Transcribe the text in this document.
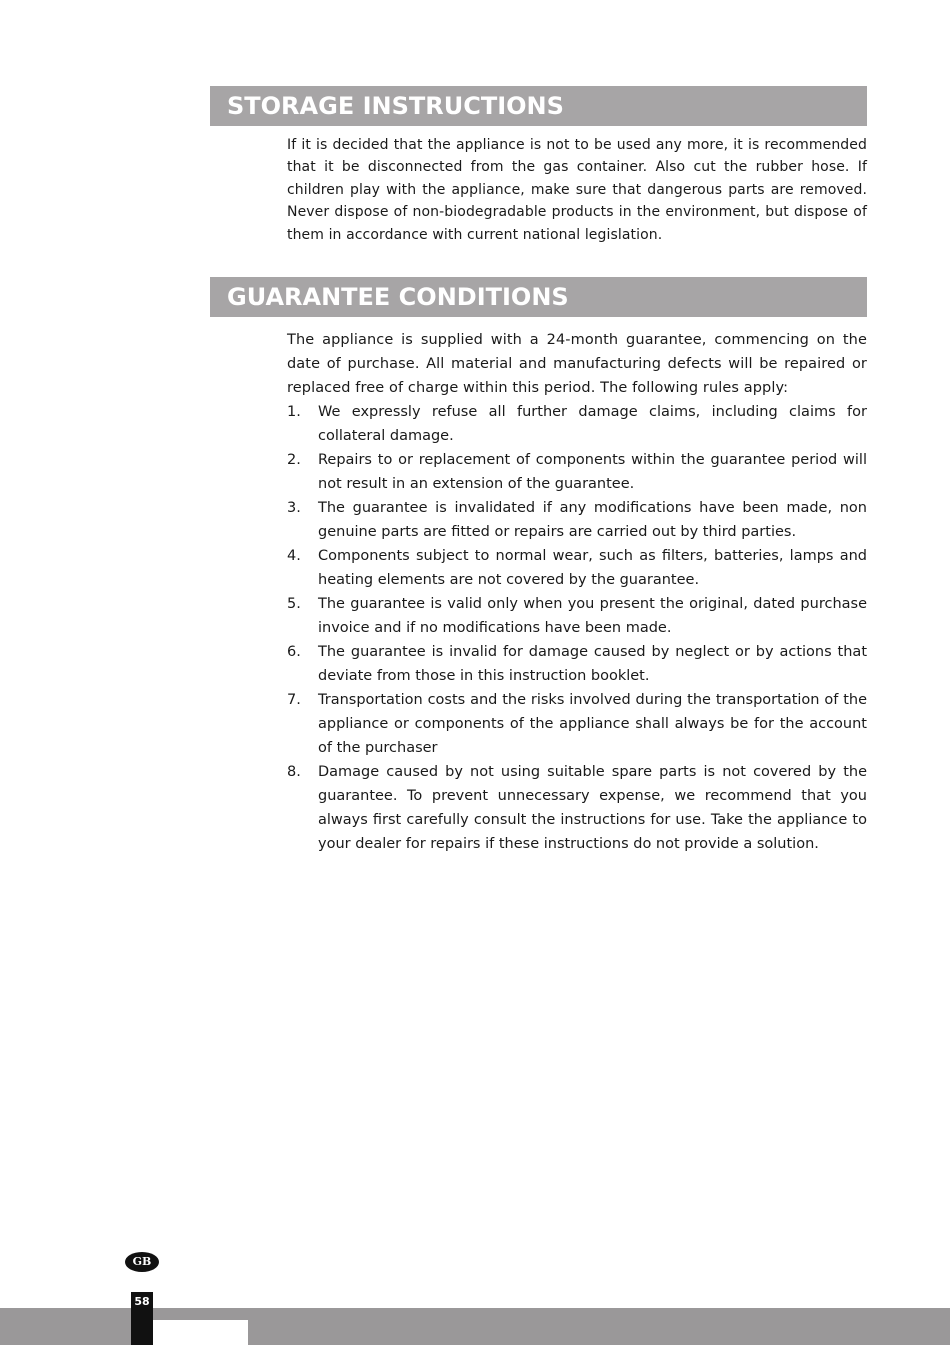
STORAGE INSTRUCTIONS

If it is decided that the appliance is not to be used any more, it is recommended that it be disconnected from the gas container. Also cut the rubber hose. If children play with the appliance, make sure that dangerous parts are removed. Never dispose of non-biodegradable products in the environment, but dispose of them in accordance with current national legislation.

GUARANTEE CONDITIONS

The appliance is supplied with a 24-month guarantee, commencing on the date of purchase. All material and manufacturing defects will be repaired or replaced free of charge within this period. The following rules apply:

1. We expressly refuse all further damage claims, including claims for collateral damage.
2. Repairs to or replacement of components within the guarantee period will not result in an extension of the guarantee.
3. The guarantee is invalidated if any modifications have been made, non genuine parts are fitted or repairs are carried out by third parties.
4. Components subject to normal wear, such as filters, batteries, lamps and heating elements are not covered by the guarantee.
5. The guarantee is valid only when you present the original, dated purchase invoice and if no modifications have been made.
6. The guarantee is invalid for damage caused by neglect or by actions that deviate from those in this instruction booklet.
7. Transportation costs and the risks involved during the transportation of the appliance or components of the appliance shall always be for the account of the purchaser
8. Damage caused by not using suitable spare parts is not covered by the guarantee. To prevent unnecessary expense, we recommend that you always first carefully consult the instructions for use. Take the appliance to your dealer for repairs if these instructions do not provide a solution.
GB
58
